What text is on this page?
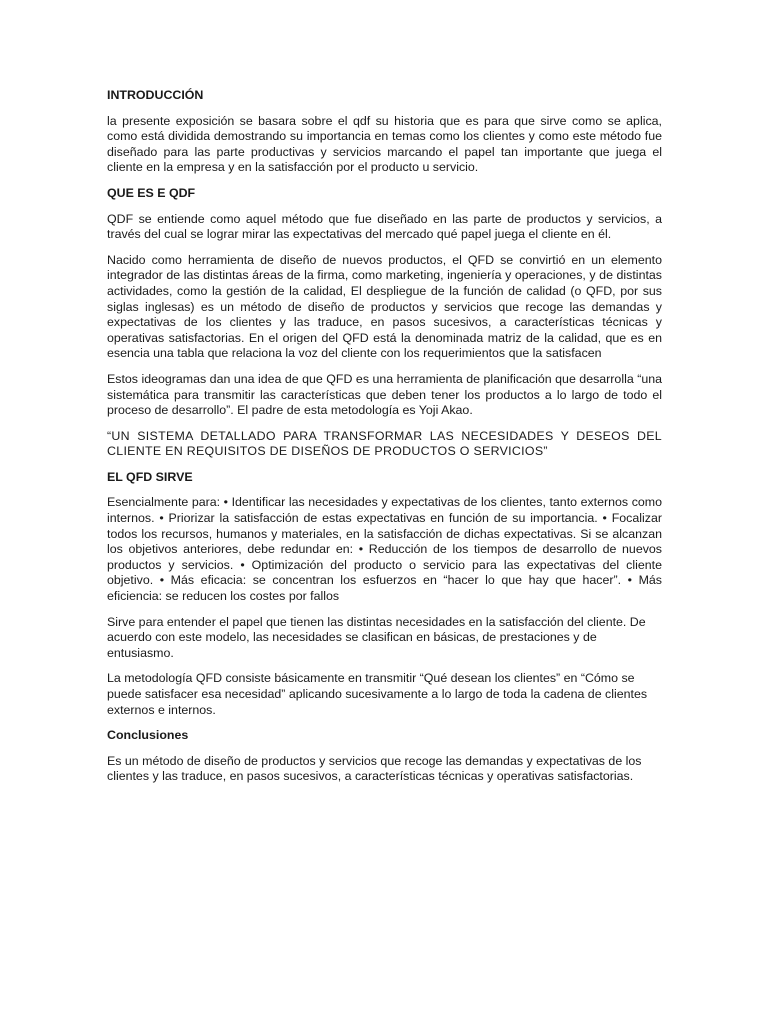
INTRODUCCIÓN

la presente exposición se basara sobre el qdf su historia que es para que sirve como se aplica, como está dividida demostrando su importancia en temas como los clientes y como este método fue diseñado para las parte productivas y servicios marcando el papel tan importante que juega el cliente en la empresa y en la satisfacción por el producto u servicio.

QUE ES E QDF

QDF se entiende como aquel método que fue diseñado en las parte de productos y servicios, a través del cual se lograr mirar las expectativas del mercado qué papel juega el cliente en él.

Nacido como herramienta de diseño de nuevos productos, el QFD se convirtió en un elemento integrador de las distintas áreas de la firma, como marketing, ingeniería y operaciones, y de distintas actividades, como la gestión de la calidad, El despliegue de la función de calidad (o QFD, por sus siglas inglesas) es un método de diseño de productos y servicios que recoge las demandas y expectativas de los clientes y las traduce, en pasos sucesivos, a características técnicas y operativas satisfactorias. En el origen del QFD está la denominada matriz de la calidad, que es en esencia una tabla que relaciona la voz del cliente con los requerimientos que la satisfacen

Estos ideogramas dan una idea de que QFD es una herramienta de planificación que desarrolla “una sistemática para transmitir las características que deben tener los productos a lo largo de todo el proceso de desarrollo”. El padre de esta metodología es Yoji Akao.

“UN SISTEMA DETALLADO PARA TRANSFORMAR LAS NECESIDADES Y DESEOS DEL CLIENTE EN REQUISITOS DE DISEÑOS DE PRODUCTOS O SERVICIOS”

EL QFD SIRVE

Esencialmente para: • Identificar las necesidades y expectativas de los clientes, tanto externos como internos. • Priorizar la satisfacción de estas expectativas en función de su importancia. • Focalizar todos los recursos, humanos y materiales, en la satisfacción de dichas expectativas. Si se alcanzan los objetivos anteriores, debe redundar en: • Reducción de los tiempos de desarrollo de nuevos productos y servicios. • Optimización del producto o servicio para las expectativas del cliente objetivo. • Más eficacia: se concentran los esfuerzos en “hacer lo que hay que hacer”. • Más eficiencia: se reducen los costes por fallos

Sirve para entender el papel que tienen las distintas necesidades en la satisfacción del cliente. De acuerdo con este modelo, las necesidades se clasifican en básicas, de prestaciones y de entusiasmo.

La metodología QFD consiste básicamente en transmitir “Qué desean los clientes” en “Cómo se puede satisfacer esa necesidad” aplicando sucesivamente a lo largo de toda la cadena de clientes externos e internos.

Conclusiones

Es un método de diseño de productos y servicios que recoge las demandas y expectativas de los clientes y las traduce, en pasos sucesivos, a características técnicas y operativas satisfactorias.
